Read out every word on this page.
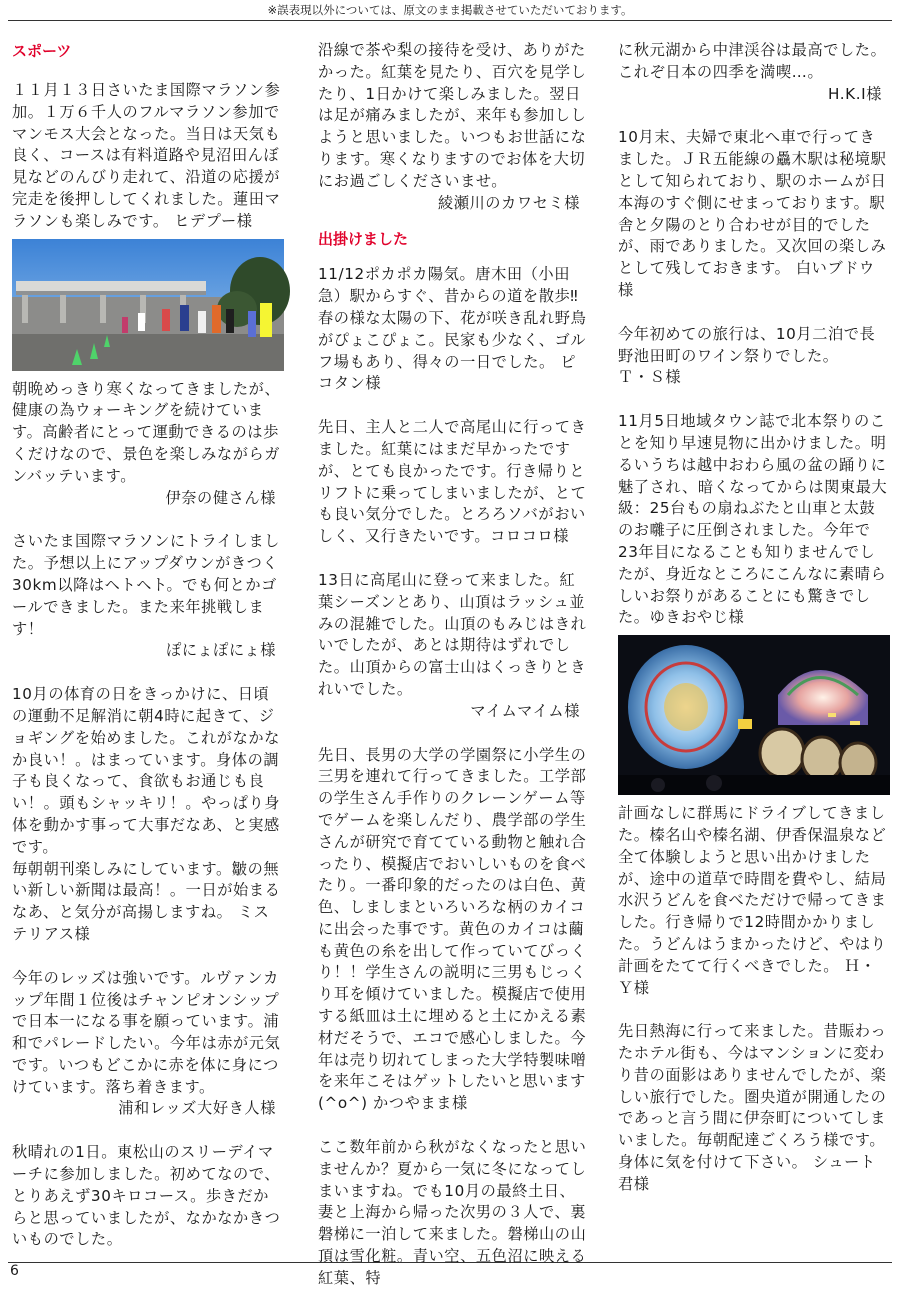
※誤表現以外については、原文のまま掲載させていただいております。
スポーツ
１１月１３日さいたま国際マラソン参加。１万６千人のフルマラソン参加でマンモス大会となった。当日は天気も良く、コースは有料道路や見沼田んぼ見などのんびり走れて、沿道の応援が完走を後押ししてくれました。蓮田マラソンも楽しみです。 ヒデプー様
朝晩めっきり寒くなってきましたが、健康の為ウォーキングを続けています。高齢者にとって運動できるのは歩くだけなので、景色を楽しみながらガンバッテいます。
伊奈の健さん様
さいたま国際マラソンにトライしました。予想以上にアップダウンがきつく30km以降はヘトヘト。でも何とかゴールできました。また来年挑戦します！
ぽにょぽにょ様
10月の体育の日をきっかけに、日頃の運動不足解消に朝4時に起きて、ジョギングを始めました。これがなかなか良い！。はまっています。身体の調子も良くなって、食欲もお通じも良い！。頭もシャッキリ！。やっぱり身体を動かす事って大事だなあ、と実感です。
毎朝朝刊楽しみにしています。皺の無い新しい新聞は最高！。一日が始まるなあ、と気分が高揚しますね。 ミステリアス様
今年のレッズは強いです。ルヴァンカップ年間１位後はチャンピオンシップで日本一になる事を願っています。浦和でパレードしたい。今年は赤が元気です。いつもどこかに赤を体に身につけています。落ち着きます。
浦和レッズ大好き人様
秋晴れの1日。東松山のスリーデイマーチに参加しました。初めてなので、とりあえず30キロコース。歩きだからと思っていましたが、なかなかきついものでした。
沿線で茶や梨の接待を受け、ありがたかった。紅葉を見たり、百穴を見学したり、1日かけて楽しみました。翌日は足が痛みましたが、来年も参加ししようと思いました。いつもお世話になります。寒くなりますのでお体を大切にお過ごしくださいませ。
綾瀬川のカワセミ様
出掛けました
11/12ポカポカ陽気。唐木田（小田急）駅からすぐ、昔からの道を散歩‼春の様な太陽の下、花が咲き乱れ野鳥がぴょこぴょこ。民家も少なく、ゴルフ場もあり、得々の一日でした。 ピコタン様
先日、主人と二人で高尾山に行ってきました。紅葉にはまだ早かったですが、とても良かったです。行き帰りとリフトに乗ってしまいましたが、とても良い気分でした。とろろソバがおいしく、又行きたいです。コロコロ様
13日に高尾山に登って来ました。紅葉シーズンとあり、山頂はラッシュ並みの混雑でした。山頂のもみじはきれいでしたが、あとは期待はずれでした。山頂からの富士山はくっきりときれいでした。
マイムマイム様
先日、長男の大学の学園祭に小学生の三男を連れて行ってきました。工学部の学生さん手作りのクレーンゲーム等でゲームを楽しんだり、農学部の学生さんが研究で育てている動物と触れ合ったり、模擬店でおいしいものを食べたり。一番印象的だったのは白色、黄色、しましまといろいろな柄のカイコに出会った事です。黄色のカイコは繭も黄色の糸を出して作っていてびっくり！！学生さんの説明に三男もじっくり耳を傾けていました。模擬店で使用する紙皿は土に埋めると土にかえる素材だそうで、エコで感心しました。今年は売り切れてしまった大学特製味噌を来年こそはゲットしたいと思います(^o^) かつやまま様
ここ数年前から秋がなくなったと思いませんか？夏から一気に冬になってしまいますね。でも10月の最終土日、妻と上海から帰った次男の３人で、裏磐梯に一泊して来ました。磐梯山の山頂は雪化粧。青い空、五色沼に映える紅葉、特
に秋元湖から中津渓谷は最高でした。これぞ日本の四季を満喫…。
H.K.I様
10月末、夫婦で東北へ車で行ってきました。ＪＲ五能線の驫木駅は秘境駅として知られており、駅のホームが日本海のすぐ側にせまっております。駅舎と夕陽のとり合わせが目的でしたが、雨でありました。又次回の楽しみとして残しておきます。 白いブドウ様
今年初めての旅行は、10月二泊で長野池田町のワイン祭りでした。
Ｔ・Ｓ様
11月5日地域タウン誌で北本祭りのことを知り早速見物に出かけました。明るいうちは越中おわら風の盆の踊りに魅了され、暗くなってからは関東最大級：25台もの扇ねぶたと山車と太鼓のお囃子に圧倒されました。今年で23年目になることも知りませんでしたが、身近なところにこんなに素晴らしいお祭りがあることにも驚きでした。ゆきおやじ様
計画なしに群馬にドライブしてきました。榛名山や榛名湖、伊香保温泉など全て体験しようと思い出かけましたが、途中の道草で時間を費やし、結局水沢うどんを食べただけで帰ってきました。行き帰りで12時間かかりました。うどんはうまかったけど、やはり計画をたてて行くべきでした。 Ｈ・Ｙ様
先日熱海に行って来ました。昔賑わったホテル街も、今はマンションに変わり昔の面影はありませんでしたが、楽しい旅行でした。圏央道が開通したのであっと言う間に伊奈町についてしまいました。毎朝配達ごくろう様です。身体に気を付けて下さい。 シュート君様
6
